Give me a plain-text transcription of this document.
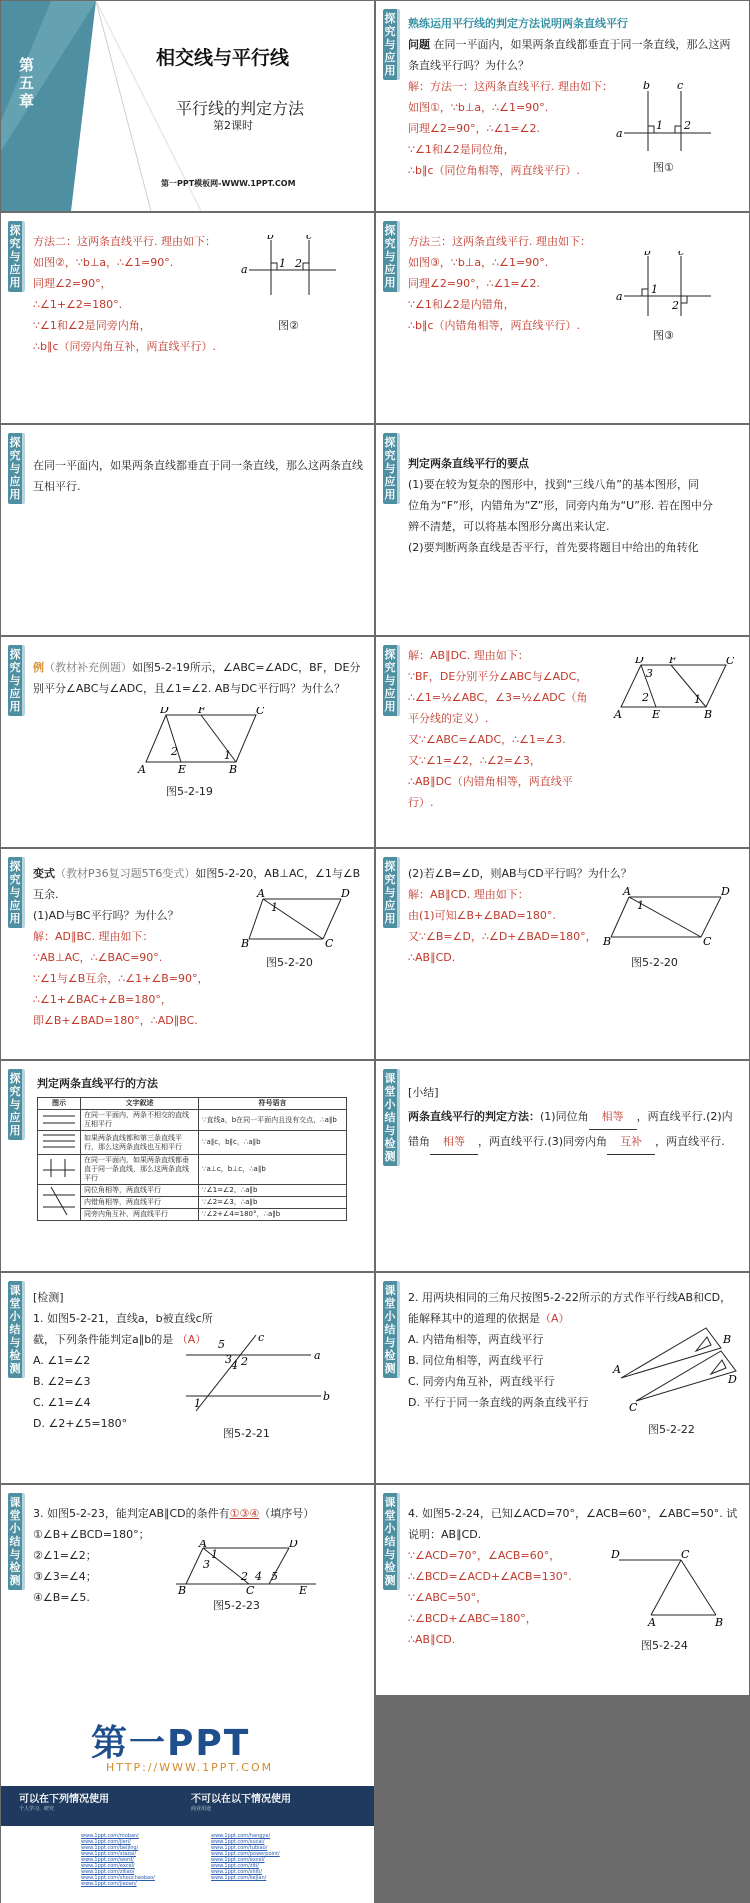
第五章
相交线与平行线
平行线的判定方法
第2课时
第一PPT模板网-WWW.1PPT.COM
探究与应用
熟练运用平行线的判定方法说明两条直线平行
问题 在同一平面内，如果两条直线都垂直于同一条直线，那么这两条直线平行吗？为什么？
解：方法一：这两条直线平行. 理由如下：
如图①，∵b⊥a，∴∠1=90°.
同理∠2=90°，∴∠1=∠2.
∵∠1和∠2是同位角，
∴b∥c（同位角相等，两直线平行）.
a
b c
1 2
图①
探究与应用
方法二：这两条直线平行. 理由如下：
如图②，∵b⊥a，∴∠1=90°.
同理∠2=90°，
∴∠1+∠2=180°.
∵∠1和∠2是同旁内角，
∴b∥c（同旁内角互补，两直线平行）.
a
b	c
1 2
图②
探究与应用
方法三：这两条直线平行. 理由如下：
如图③，∵b⊥a，∴∠1=90°.
同理∠2=90°，∴∠1=∠2.
∵∠1和∠2是内错角，
∴b∥c（内错角相等，两直线平行）.
a
b c
1
2
图③
探究与应用
在同一平面内，如果两条直线都垂直于同一条直线，那么这两条直线互相平行.
探究与应用
判定两条直线平行的要点
(1)要在较为复杂的图形中，找到“三线八角”的基本图形，同
位角为“F”形，内错角为“Z”形，同旁内角为“U”形. 若在图中分
辨不清楚，可以将基本图形分离出来认定.
(2)要判断两条直线是否平行，首先要将题目中给出的角转化
探究与应用
例（教材补充例题）如图5-2-19所示，∠ABC=∠ADC，BF，DE分别平分∠ABC与∠ADC，且∠1=∠2. AB与DC平行吗？为什么？
A	B
C
D
E
F
1
2
图5-2-19
探究与应用
解：AB∥DC. 理由如下：
∵BF，DE分别平分∠ABC与∠ADC，
∴∠1=½∠ABC，∠3=½∠ADC（角平分线的定义）.
又∵∠ABC=∠ADC，∴∠1=∠3.
又∵∠1=∠2，∴∠2=∠3，
∴AB∥DC（内错角相等，两直线平行）.
A	B
C
D
E
F
1
2
3
探究与应用
变式（教材P36复习题5T6变式）如图5-2-20，AB⊥AC，∠1与∠B互余.
(1)AD与BC平行吗？为什么？
解：AD∥BC. 理由如下：
∵AB⊥AC，∴∠BAC=90°.
∵∠1与∠B互余，∴∠1+∠B=90°，
∴∠1+∠BAC+∠B=180°，
即∠B+∠BAD=180°，∴AD∥BC.
A
B	C
D
1
图5-2-20
探究与应用
(2)若∠B=∠D，则AB与CD平行吗？为什么？
解：AB∥CD. 理由如下：
由(1)可知∠B+∠BAD=180°.
又∵∠B=∠D，∴∠D+∠BAD=180°，
∴AB∥CD.
A
B	C
D
1
图5-2-20
探究与应用
判定两条直线平行的方法
图示	文字叙述	符号语言
	在同一平面内，两条不相交的直线互相平行	∵直线a，b在同一平面内且没有交点，∴a∥b
	如果两条直线都和第三条直线平行，那么这两条直线也互相平行	∵a∥c，b∥c，∴a∥b
	在同一平面内，如果两条直线都垂直于同一条直线，那么这两条直线平行	∵a⊥c，b⊥c，∴a∥b
	同位角相等，两直线平行	∵∠1=∠2，∴a∥b
	内错角相等，两直线平行	∵∠2=∠3，∴a∥b
	同旁内角互补，两直线平行	∵∠2+∠4=180°，∴a∥b
课堂小结与检测
[小结]
两条直线平行的判定方法：(1)同位角 相等 ，两直线平行.(2)内错角 相等 ，两直线平行.(3)同旁内角 互补 ，两直线平行.
课堂小结与检测
[检测]
1. 如图5-2-21，直线a，b被直线c所截，下列条件能判定a∥b的是 （A）
A. ∠1=∠2
B. ∠2=∠3
C. ∠1=∠4
D. ∠2+∠5=180°
a
b
c
1
2
3 4
5
图5-2-21
课堂小结与检测
2. 用两块相同的三角尺按图5-2-22所示的方式作平行线AB和CD，能解释其中的道理的依据是（A）
A. 内错角相等，两直线平行
B. 同位角相等，两直线平行
C. 同旁内角互补，两直线平行
D. 平行于同一条直线的两条直线平行
A
B
C
D
图5-2-22
课堂小结与检测
3. 如图5-2-23，能判定AB∥CD的条件有①③④（填序号）
①∠B+∠BCD=180°；
②∠1=∠2；
③∠3=∠4；
④∠B=∠5.
A
B	C
D
E
1
2
3
4 5
图5-2-23
课堂小结与检测
4. 如图5-2-24，已知∠ACD=70°，∠ACB=60°，∠ABC=50°. 试说明：AB∥CD.
∵∠ACD=70°，∠ACB=60°，
∴∠BCD=∠ACD+∠ACB=130°.
∵∠ABC=50°，
∴∠BCD+∠ABC=180°，
∴AB∥CD.
A	B
C
D
图5-2-24
第一PPT
HTTP://WWW.1PPT.COM
可以在下列情况使用
个人学习、研究
不可以在以下情况使用
商业用途
www.1ppt.com/moban/
www.1ppt.com/jieri/
www.1ppt.com/beijing/
www.1ppt.com/xiazai/
www.1ppt.com/word/
www.1ppt.com/excel/
www.1ppt.com/ziliao/
www.1ppt.com/shouchaobao/
www.1ppt.com/jiaoan/
www.1ppt.com/hangye/
www.1ppt.com/sucai/
www.1ppt.com/tubiao/
www.1ppt.com/powerpoint/
www.1ppt.com/excel/
www.1ppt.com/ziti/
www.1ppt.com/shiti/
www.1ppt.com/kejian/
